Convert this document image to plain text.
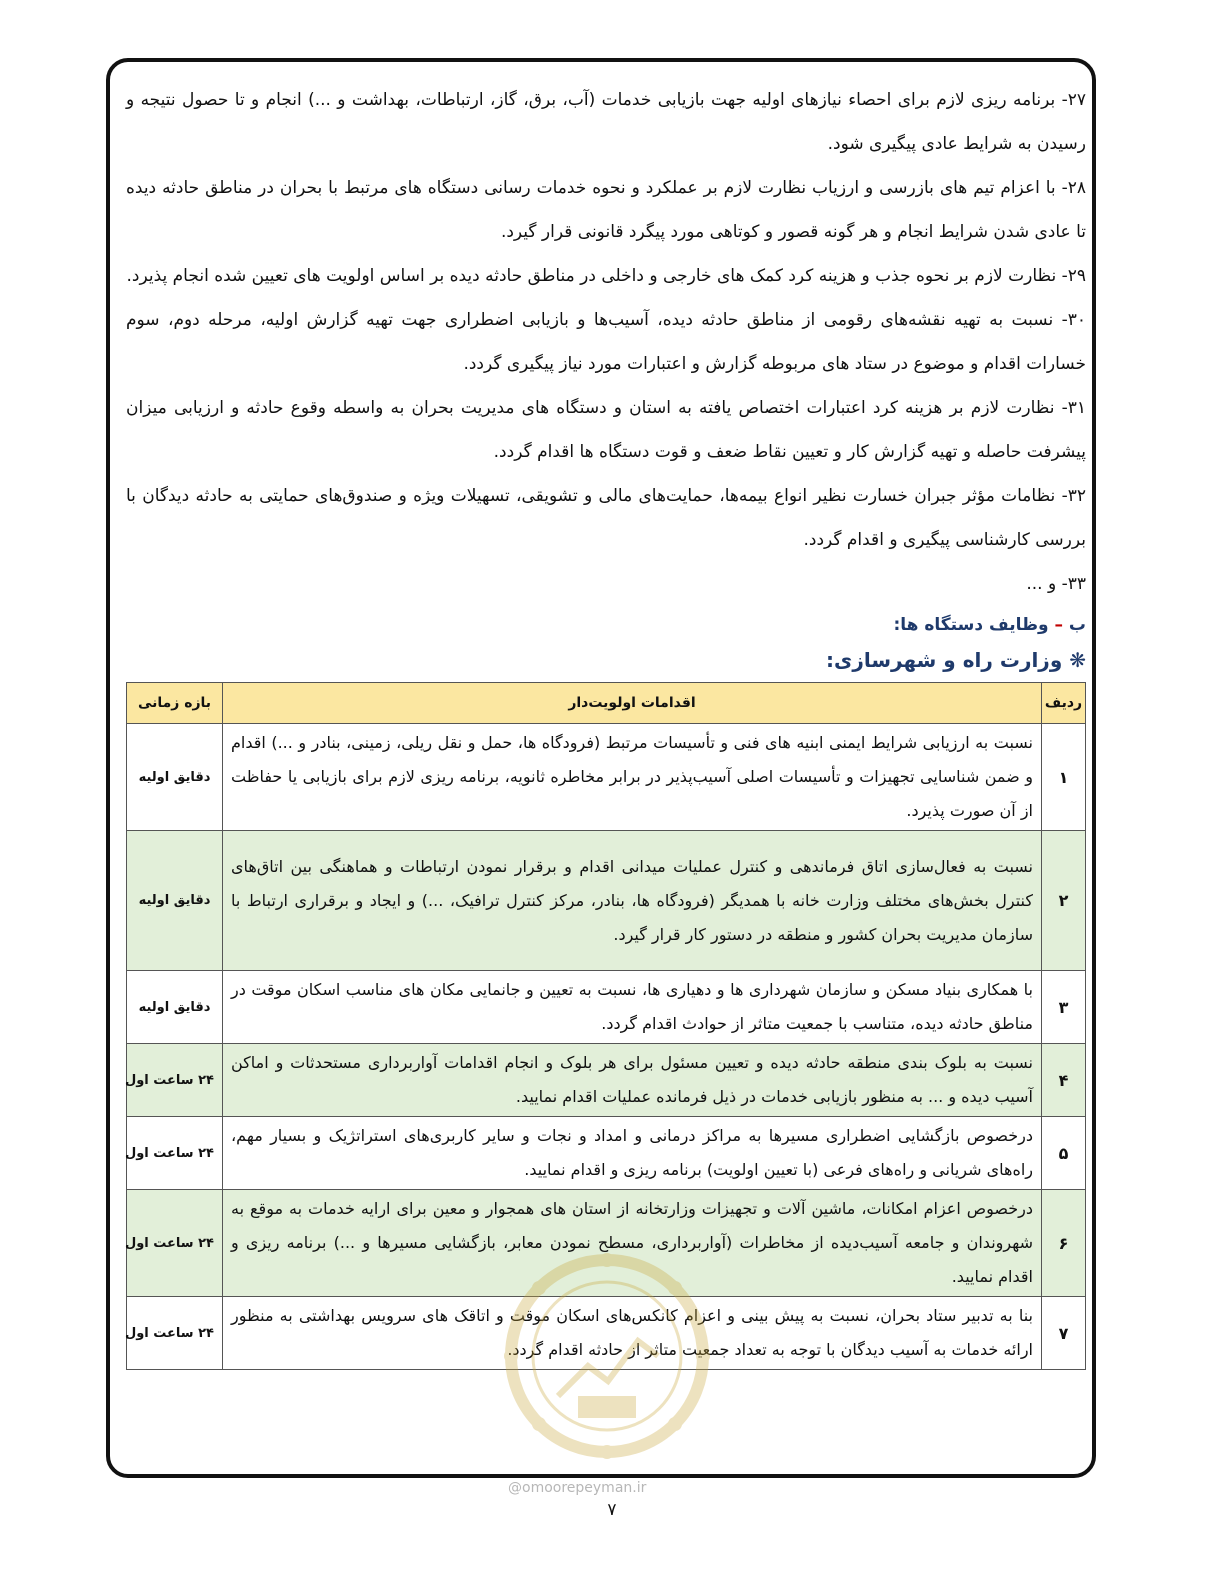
۲۷- برنامه ریزی لازم برای احصاء نیازهای اولیه جهت بازیابی خدمات (آب، برق، گاز، ارتباطات، بهداشت و ...) انجام و تا حصول نتیجه و رسیدن به شرایط عادی پیگیری شود.

۲۸- با اعزام تیم های بازرسی و ارزیاب نظارت لازم بر عملکرد و نحوه خدمات رسانی دستگاه های مرتبط با بحران در مناطق حادثه دیده تا عادی شدن شرایط انجام و هر گونه قصور و کوتاهی مورد پیگرد قانونی قرار گیرد.

۲۹- نظارت لازم بر نحوه جذب و هزینه کرد کمک های خارجی و داخلی در مناطق حادثه دیده بر اساس اولویت های تعیین شده انجام پذیرد.

۳۰- نسبت به تهیه نقشه‌های رقومی از مناطق حادثه دیده، آسیب‌ها و بازیابی اضطراری جهت تهیه گزارش اولیه، مرحله دوم، سوم خسارات اقدام و موضوع در ستاد های مربوطه گزارش و اعتبارات مورد نیاز پیگیری گردد.

۳۱- نظارت لازم بر هزینه کرد اعتبارات اختصاص یافته به استان و دستگاه های مدیریت بحران به واسطه وقوع حادثه و ارزیابی میزان پیشرفت حاصله و تهیه گزارش کار و تعیین نقاط ضعف و قوت دستگاه ها اقدام گردد.

۳۲- نظامات مؤثر جبران خسارت نظیر انواع بیمه‌ها، حمایت‌های مالی و تشویقی، تسهیلات ویژه و صندوق‌های حمایتی به حادثه دیدگان با بررسی کارشناسی پیگیری و اقدام گردد.

۳۳- و ...

ب – وظایف دستگاه ها:
❋ وزارت راه و شهرسازی:
ردیف	اقدامات اولویت‌دار	بازه زمانی
۱	نسبت به ارزیابی شرایط ایمنی ابنیه های فنی و تأسیسات مرتبط (فرودگاه ها، حمل و نقل ریلی، زمینی، بنادر و ...) اقدام و ضمن شناسایی تجهیزات و تأسیسات اصلی آسیب‌پذیر در برابر مخاطره ثانویه، برنامه ریزی لازم برای بازیابی یا حفاظت از آن صورت پذیرد.	دقایق اولیه
۲	نسبت به فعال‌سازی اتاق فرماندهی و کنترل عملیات میدانی اقدام و برقرار نمودن ارتباطات و هماهنگی بین اتاق‌های کنترل بخش‌های مختلف وزارت خانه با همدیگر (فرودگاه ها، بنادر، مرکز کنترل ترافیک، ...) و ایجاد و برقراری ارتباط با سازمان مدیریت بحران کشور و منطقه در دستور کار قرار گیرد.	دقایق اولیه
۳	با همکاری بنیاد مسکن و سازمان شهرداری ها و دهیاری ها، نسبت به تعیین و جانمایی مکان های مناسب اسکان موقت در مناطق حادثه دیده، متناسب با جمعیت متاثر از حوادث اقدام گردد.	دقایق اولیه
۴	نسبت به بلوک بندی منطقه حادثه دیده و تعیین مسئول برای هر بلوک و انجام اقدامات آواربرداری مستحدثات و اماکن آسیب دیده و ... به منظور بازیابی خدمات در ذیل فرمانده عملیات اقدام نمایید.	۲۴ ساعت اول
۵	درخصوص بازگشایی اضطراری مسیرها به مراکز درمانی و امداد و نجات و سایر کاربری‌های استراتژیک و بسیار مهم، راه‌های شریانی و راه‌های فرعی (با تعیین اولویت) برنامه ریزی و اقدام نمایید.	۲۴ ساعت اول
۶	درخصوص اعزام امکانات، ماشین آلات و تجهیزات وزارتخانه از استان های همجوار و معین برای ارایه خدمات به موقع به شهروندان و جامعه آسیب‌دیده از مخاطرات (آواربرداری، مسطح نمودن معابر، بازگشایی مسیرها و ...) برنامه ریزی و اقدام نمایید.	۲۴ ساعت اول
۷	بنا به تدبیر ستاد بحران، نسبت به پیش بینی و اعزام کانکس‌های اسکان موقت و اتاقک های سرویس بهداشتی به منظور ارائه خدمات به آسیب دیدگان با توجه به تعداد جمعیت متاثر از حادثه اقدام گردد.	۲۴ ساعت اول
@omoorepeyman.ir
۷
